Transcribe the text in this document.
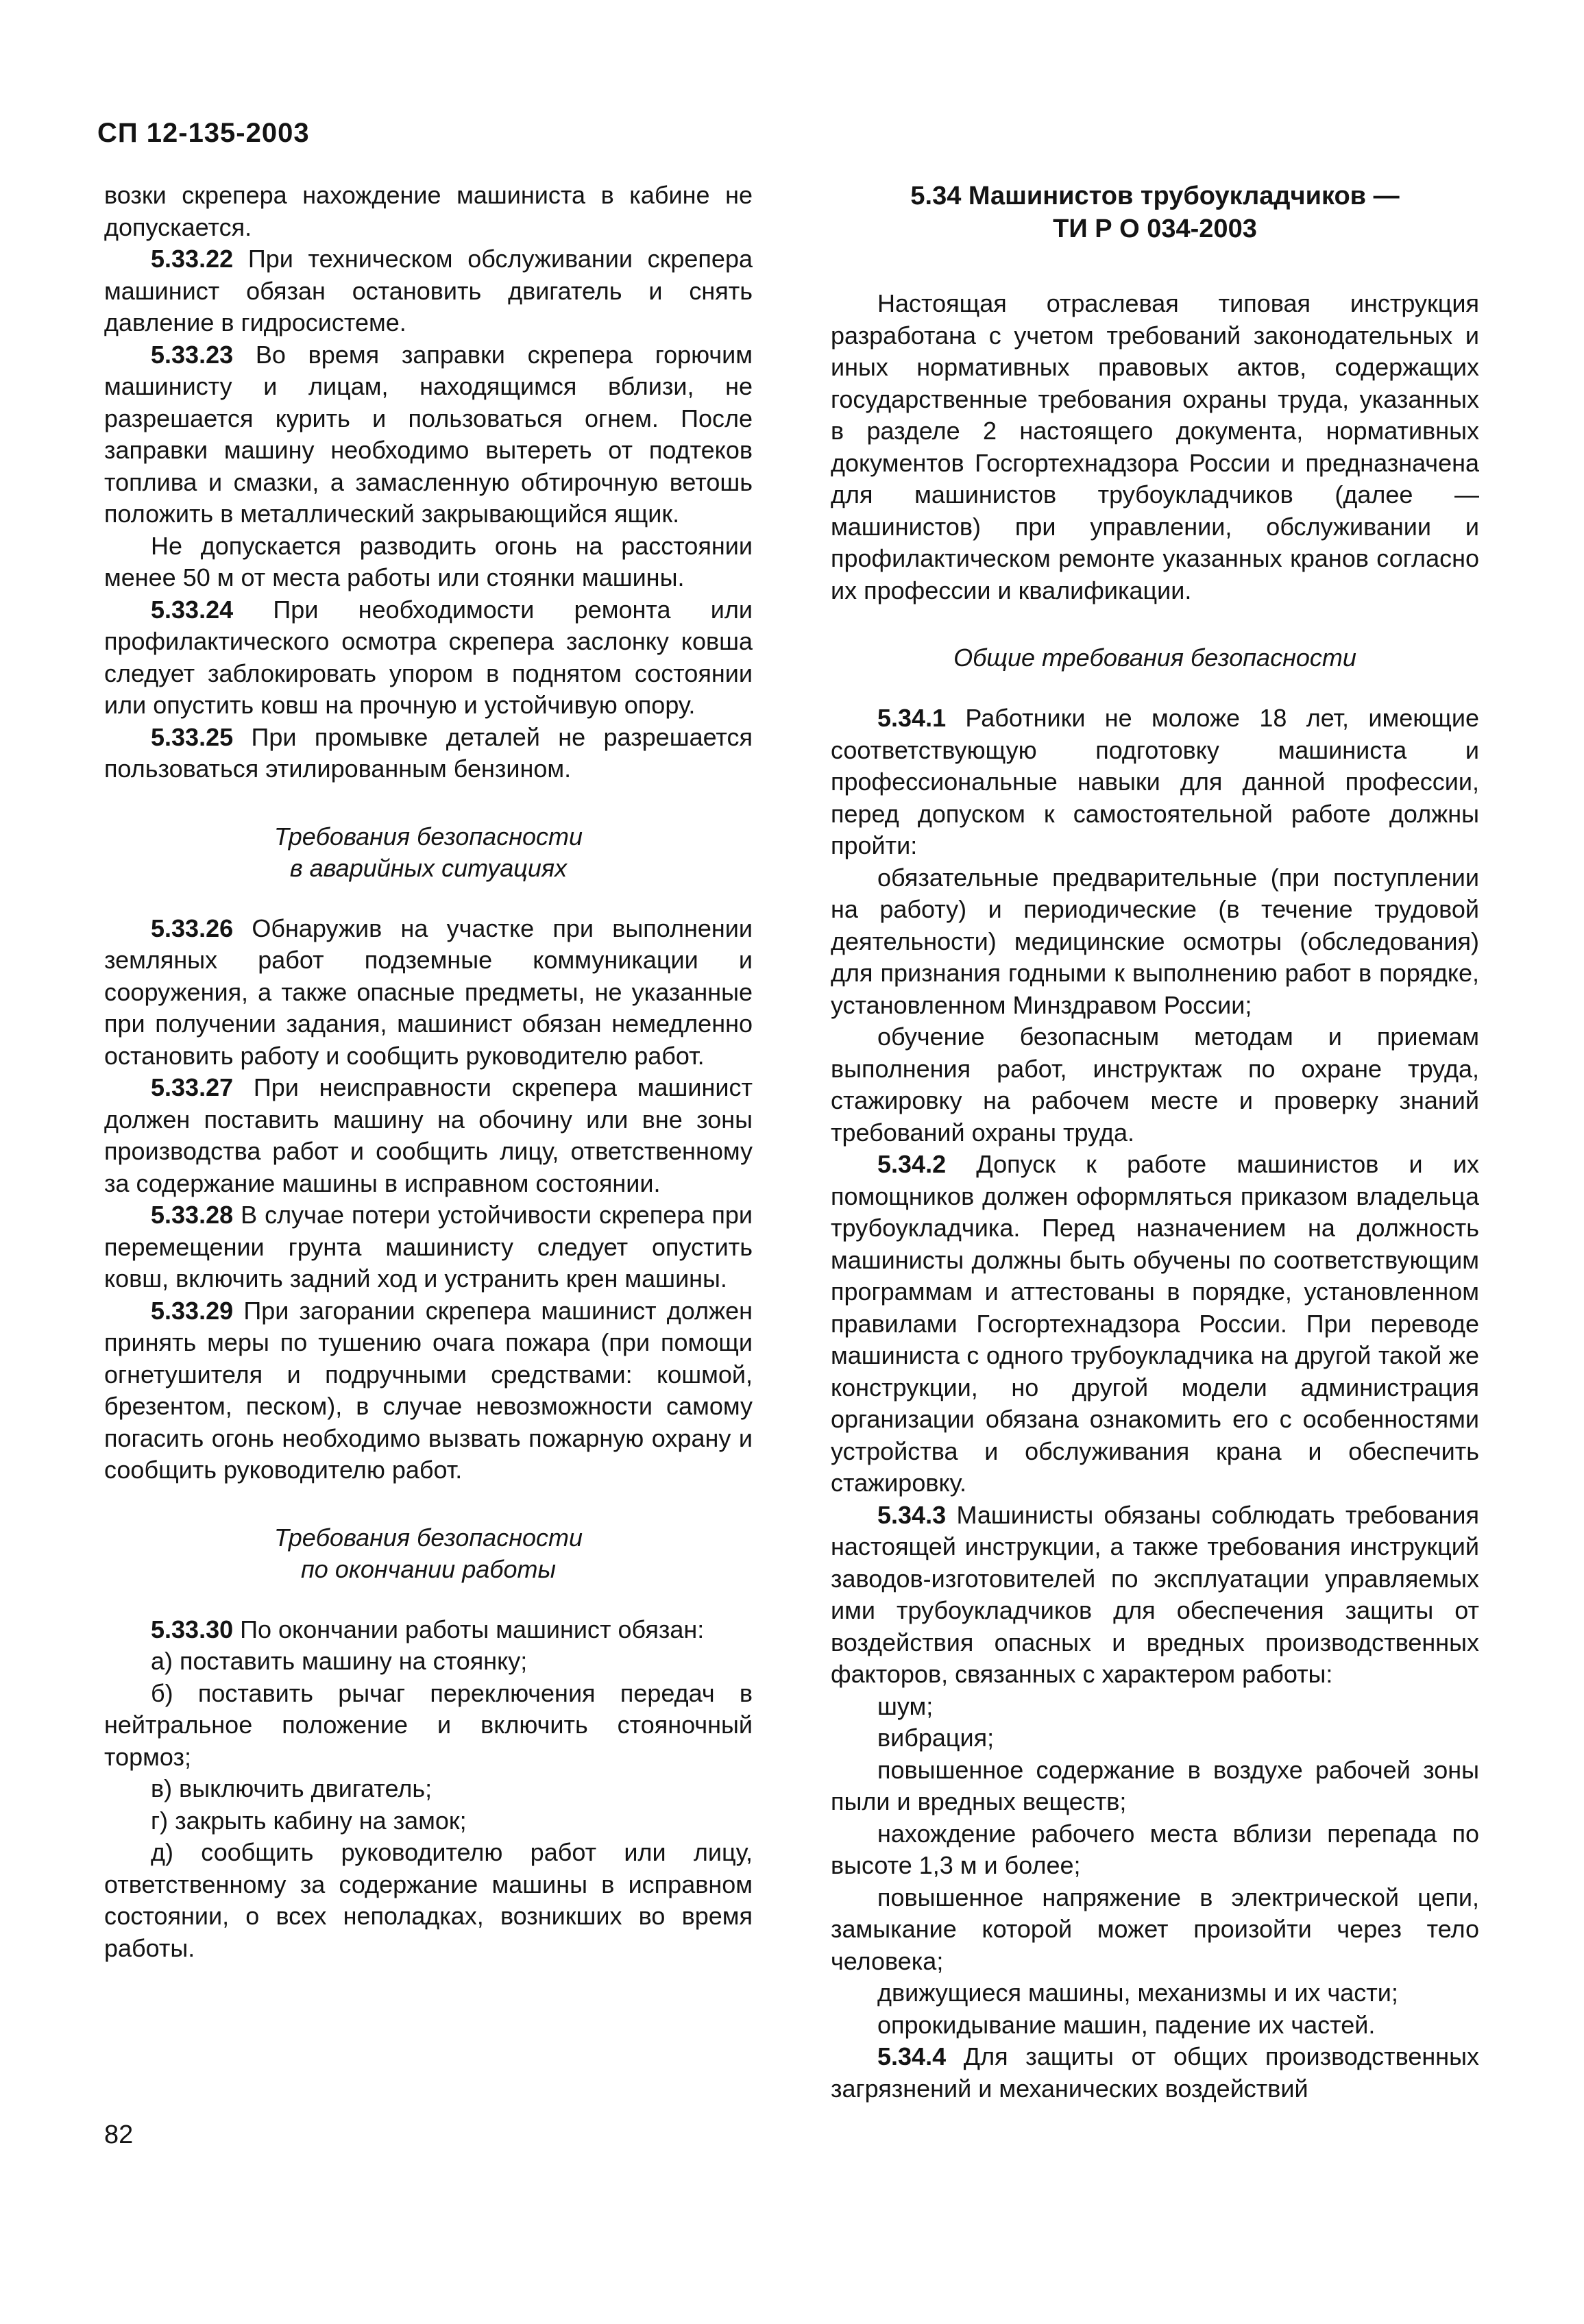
СП 12-135-2003

возки скрепера нахождение машиниста в кабине не допускается.

5.33.22 При техническом обслуживании скрепера машинист обязан остановить двигатель и снять давление в гидросистеме.

5.33.23 Во время заправки скрепера горючим машинисту и лицам, находящимся вблизи, не разрешается курить и пользоваться огнем. После заправки машину необходимо вытереть от подтеков топлива и смазки, а замасленную обтирочную ветошь положить в металлический закрывающийся ящик.

Не допускается разводить огонь на расстоянии менее 50 м от места работы или стоянки машины.

5.33.24 При необходимости ремонта или профилактического осмотра скрепера заслонку ковша следует заблокировать упором в поднятом состоянии или опустить ковш на прочную и устойчивую опору.

5.33.25 При промывке деталей не разрешается пользоваться этилированным бензином.

Требования безопасности
в аварийных ситуациях

5.33.26 Обнаружив на участке при выполнении земляных работ подземные коммуникации и сооружения, а также опасные предметы, не указанные при получении задания, машинист обязан немедленно остановить работу и сообщить руководителю работ.

5.33.27 При неисправности скрепера машинист должен поставить машину на обочину или вне зоны производства работ и сообщить лицу, ответственному за содержание машины в исправном состоянии.

5.33.28 В случае потери устойчивости скрепера при перемещении грунта машинисту следует опустить ковш, включить задний ход и устранить крен машины.

5.33.29 При загорании скрепера машинист должен принять меры по тушению очага пожара (при помощи огнетушителя и подручными средствами: кошмой, брезентом, песком), в случае невозможности самому погасить огонь необходимо вызвать пожарную охрану и сообщить руководителю работ.

Требования безопасности
по окончании работы

5.33.30 По окончании работы машинист обязан:

а) поставить машину на стоянку;

б) поставить рычаг переключения передач в нейтральное положение и включить стояночный тормоз;

в) выключить двигатель;

г) закрыть кабину на замок;

д) сообщить руководителю работ или лицу, ответственному за содержание машины в исправном состоянии, о всех неполадках, возникших во время работы.

5.34 Машинистов трубоукладчиков —
ТИ Р О 034-2003

Настоящая отраслевая типовая инструкция разработана с учетом требований законодательных и иных нормативных правовых актов, содержащих государственные требования охраны труда, указанных в разделе 2 настоящего документа, нормативных документов Госгортехнадзора России и предназначена для машинистов трубоукладчиков (далее — машинистов) при управлении, обслуживании и профилактическом ремонте указанных кранов согласно их профессии и квалификации.

Общие требования безопасности

5.34.1 Работники не моложе 18 лет, имеющие соответствующую подготовку машиниста и профессиональные навыки для данной профессии, перед допуском к самостоятельной работе должны пройти:

обязательные предварительные (при поступлении на работу) и периодические (в течение трудовой деятельности) медицинские осмотры (обследования) для признания годными к выполнению работ в порядке, установленном Минздравом России;

обучение безопасным методам и приемам выполнения работ, инструктаж по охране труда, стажировку на рабочем месте и проверку знаний требований охраны труда.

5.34.2 Допуск к работе машинистов и их помощников должен оформляться приказом владельца трубоукладчика. Перед назначением на должность машинисты должны быть обучены по соответствующим программам и аттестованы в порядке, установленном правилами Госгортехнадзора России. При переводе машиниста с одного трубоукладчика на другой такой же конструкции, но другой модели администрация организации обязана ознакомить его с особенностями устройства и обслуживания крана и обеспечить стажировку.

5.34.3 Машинисты обязаны соблюдать требования настоящей инструкции, а также требования инструкций заводов-изготовителей по эксплуатации управляемых ими трубоукладчиков для обеспечения защиты от воздействия опасных и вредных производственных факторов, связанных с характером работы:

шум;

вибрация;

повышенное содержание в воздухе рабочей зоны пыли и вредных веществ;

нахождение рабочего места вблизи перепада по высоте 1,3 м и более;

повышенное напряжение в электрической цепи, замыкание которой может произойти через тело человека;

движущиеся машины, механизмы и их части;

опрокидывание машин, падение их частей.

5.34.4 Для защиты от общих производственных загрязнений и механических воздействий

82
